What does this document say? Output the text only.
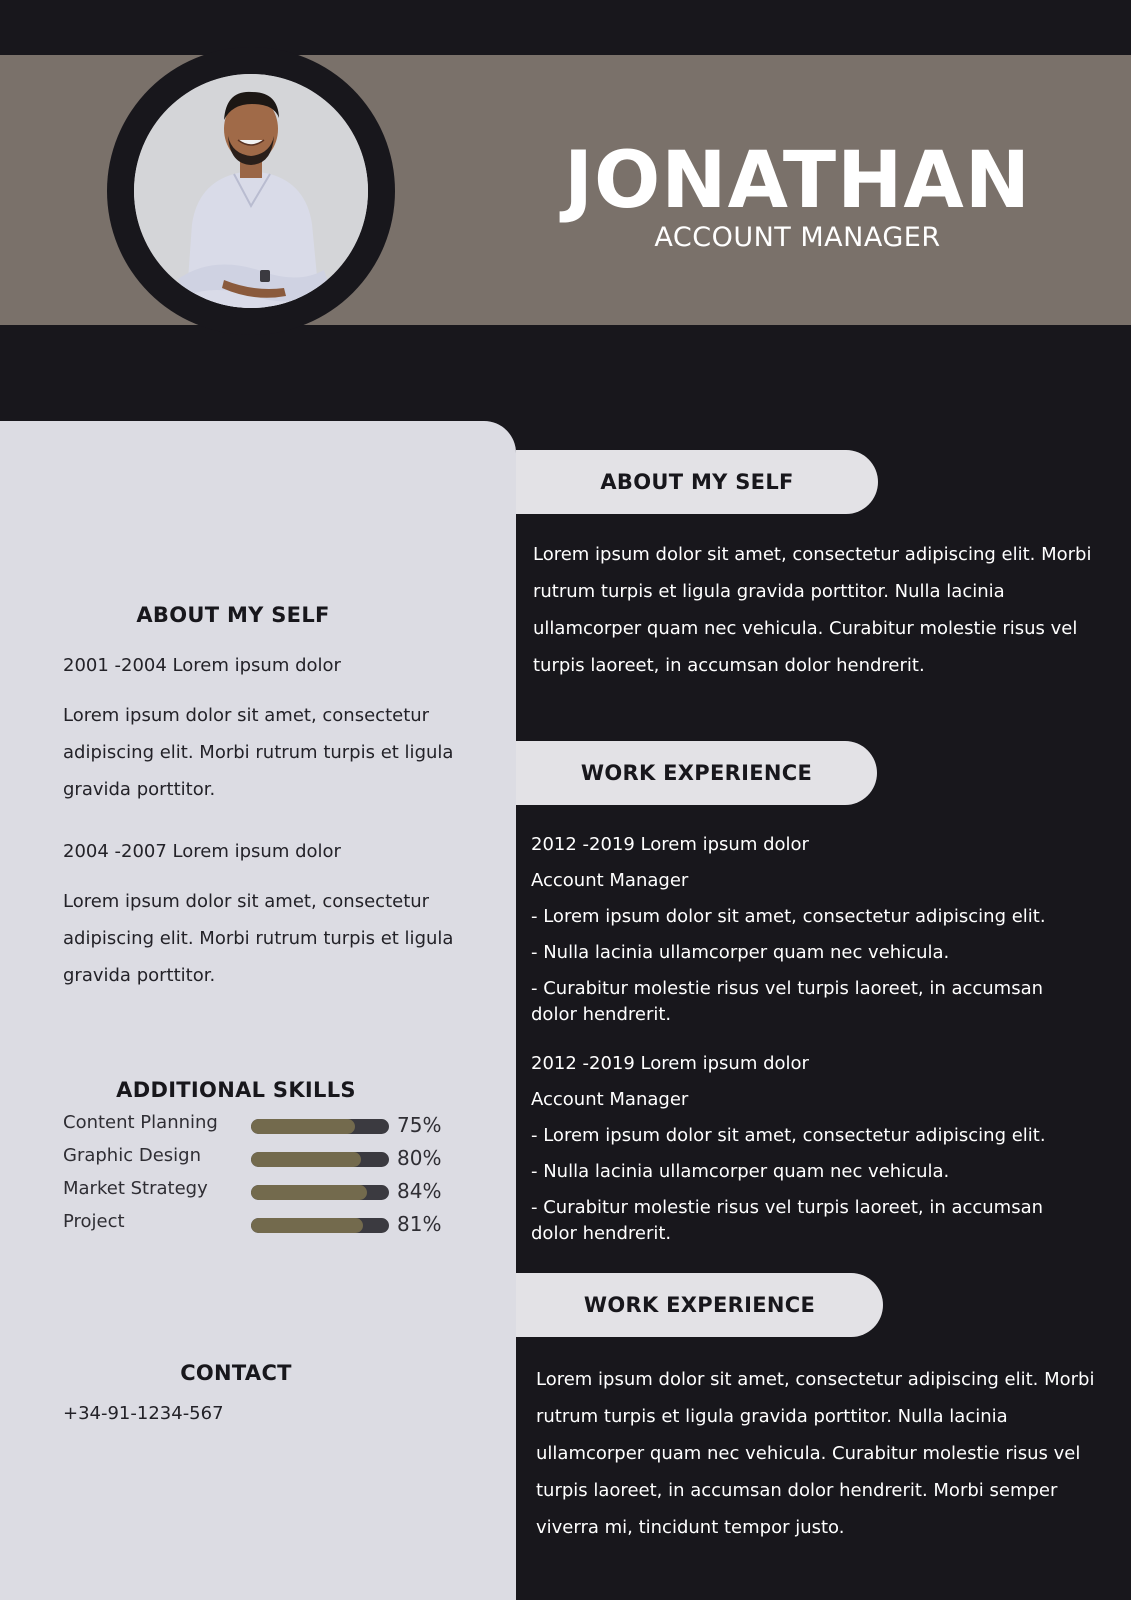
JONATHAN
ACCOUNT MANAGER
ABOUT MY SELF
2001 -2004 Lorem ipsum dolor
Lorem ipsum dolor sit amet, consectetur adipiscing elit. Morbi rutrum turpis et ligula gravida porttitor.
2004 -2007 Lorem ipsum dolor
Lorem ipsum dolor sit amet, consectetur adipiscing elit. Morbi rutrum turpis et ligula gravida porttitor.
ADDITIONAL SKILLS
Content Planning	75%
Graphic Design	80%
Market Strategy	84%
Project	81%
CONTACT
+34-91-1234-567
ABOUT MY SELF
Lorem ipsum dolor sit amet, consectetur adipiscing elit. Morbi rutrum turpis et ligula gravida porttitor. Nulla lacinia ullamcorper quam nec vehicula. Curabitur molestie risus vel turpis laoreet, in accumsan dolor hendrerit.
WORK EXPERIENCE
2012 -2019 Lorem ipsum dolor
Account Manager
- Lorem ipsum dolor sit amet, consectetur adipiscing elit.
- Nulla lacinia ullamcorper quam nec vehicula.
- Curabitur molestie risus vel turpis laoreet, in accumsan dolor hendrerit.
2012 -2019 Lorem ipsum dolor
Account Manager
- Lorem ipsum dolor sit amet, consectetur adipiscing elit.
- Nulla lacinia ullamcorper quam nec vehicula.
- Curabitur molestie risus vel turpis laoreet, in accumsan dolor hendrerit.
WORK EXPERIENCE
Lorem ipsum dolor sit amet, consectetur adipiscing elit. Morbi rutrum turpis et ligula gravida porttitor. Nulla lacinia ullamcorper quam nec vehicula. Curabitur molestie risus vel turpis laoreet, in accumsan dolor hendrerit. Morbi semper viverra mi, tincidunt tempor justo.
